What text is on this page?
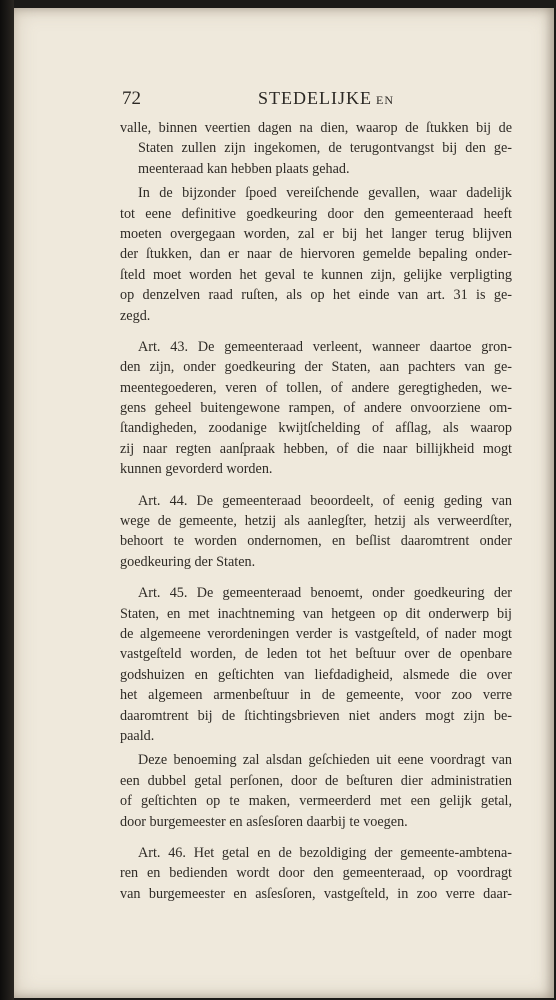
72	STEDELIJKE EN
valle, binnen veertien dagen na dien, waarop de ſtukken bij de
Staten zullen zijn ingekomen, de terugontvangst bij den ge-
meenteraad kan hebben plaats gehad.
In de bijzonder ſpoed vereiſchende gevallen, waar dadelijk
tot eene definitive goedkeuring door den gemeenteraad heeft
moeten overgegaan worden, zal er bij het langer terug blijven
der ſtukken, dan er naar de hiervoren gemelde bepaling onder-
ſteld moet worden het geval te kunnen zijn, gelijke verpligting
op denzelven raad ruſten, als op het einde van art. 31 is ge-
zegd.
Art. 43. De gemeenteraad verleent, wanneer daartoe gron-
den zijn, onder goedkeuring der Staten, aan pachters van ge-
meentegoederen, veren of tollen, of andere geregtigheden, we-
gens geheel buitengewone rampen, of andere onvoorziene om-
ſtandigheden, zoodanige kwijtſchelding of afſlag, als waarop
zij naar regten aanſpraak hebben, of die naar billijkheid mogt
kunnen gevorderd worden.
Art. 44. De gemeenteraad beoordeelt, of eenig geding van
wege de gemeente, hetzij als aanlegſter, hetzij als verweerdſter,
behoort te worden ondernomen, en beſlist daaromtrent onder
goedkeuring der Staten.
Art. 45. De gemeenteraad benoemt, onder goedkeuring der
Staten, en met inachtneming van hetgeen op dit onderwerp bij
de algemeene verordeningen verder is vastgeſteld, of nader mogt
vastgeſteld worden, de leden tot het beſtuur over de openbare
godshuizen en geſtichten van liefdadigheid, alsmede die over
het algemeen armenbeſtuur in de gemeente, voor zoo verre
daaromtrent bij de ſtichtingsbrieven niet anders mogt zijn be-
paald.
Deze benoeming zal alsdan geſchieden uit eene voordragt van
een dubbel getal perſonen, door de beſturen dier administratien
of geſtichten op te maken, vermeerderd met een gelijk getal,
door burgemeester en asſesſoren daarbij te voegen.
Art. 46. Het getal en de bezoldiging der gemeente-ambtena-
ren en bedienden wordt door den gemeenteraad, op voordragt
van burgemeester en asſesſoren, vastgeſteld, in zoo verre daar-
